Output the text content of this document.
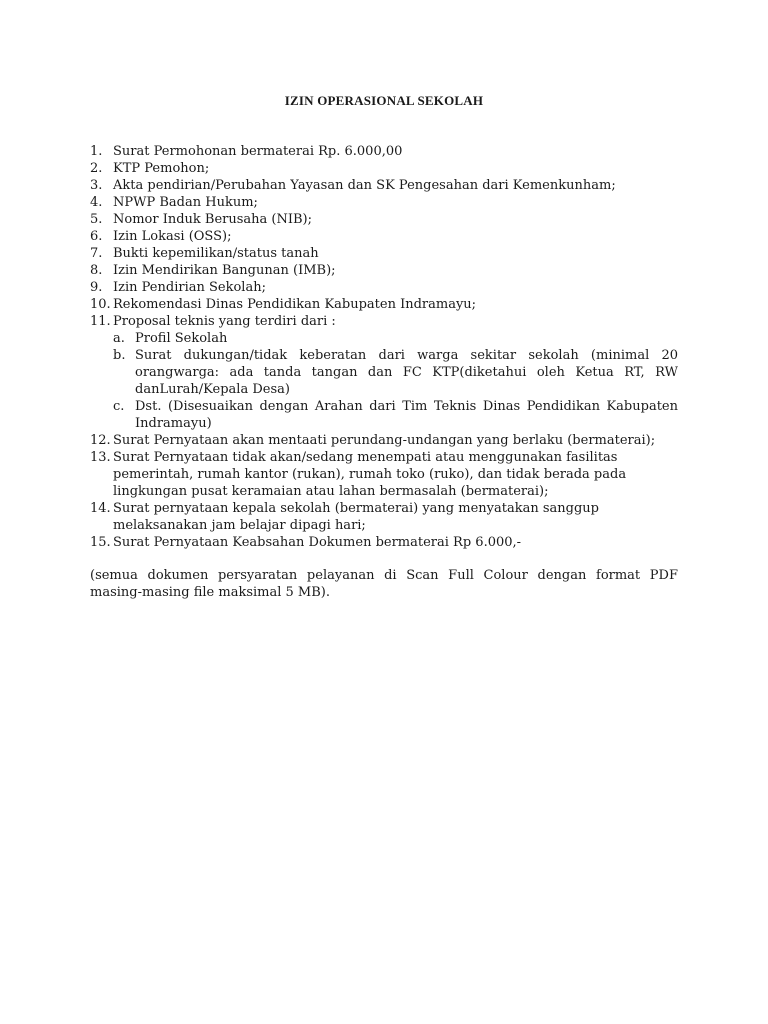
IZIN OPERASIONAL SEKOLAH
1. Surat Permohonan bermaterai Rp. 6.000,00
2. KTP Pemohon;
3. Akta pendirian/Perubahan Yayasan dan SK Pengesahan dari Kemenkunham;
4. NPWP Badan Hukum;
5. Nomor Induk Berusaha (NIB);
6. Izin Lokasi (OSS);
7. Bukti kepemilikan/status tanah
8. Izin Mendirikan Bangunan (IMB);
9. Izin Pendirian Sekolah;
10. Rekomendasi Dinas Pendidikan Kabupaten Indramayu;
11. Proposal teknis yang terdiri dari :
a. Profil Sekolah
b. Surat dukungan/tidak keberatan dari warga sekitar sekolah (minimal 20 orangwarga: ada tanda tangan dan FC KTP(diketahui oleh Ketua RT, RW danLurah/Kepala Desa)
c. Dst. (Disesuaikan dengan Arahan dari Tim Teknis Dinas Pendidikan Kabupaten Indramayu)
12. Surat Pernyataan akan mentaati perundang-undangan yang berlaku (bermaterai);
13. Surat Pernyataan tidak akan/sedang menempati atau menggunakan fasilitas pemerintah, rumah kantor (rukan), rumah toko (ruko), dan tidak berada pada lingkungan pusat keramaian atau lahan bermasalah (bermaterai);
14. Surat pernyataan kepala sekolah (bermaterai) yang menyatakan sanggup melaksanakan jam belajar dipagi hari;
15. Surat Pernyataan Keabsahan Dokumen bermaterai Rp 6.000,-
(semua dokumen persyaratan pelayanan di Scan Full Colour dengan format PDF masing-masing file maksimal 5 MB).
